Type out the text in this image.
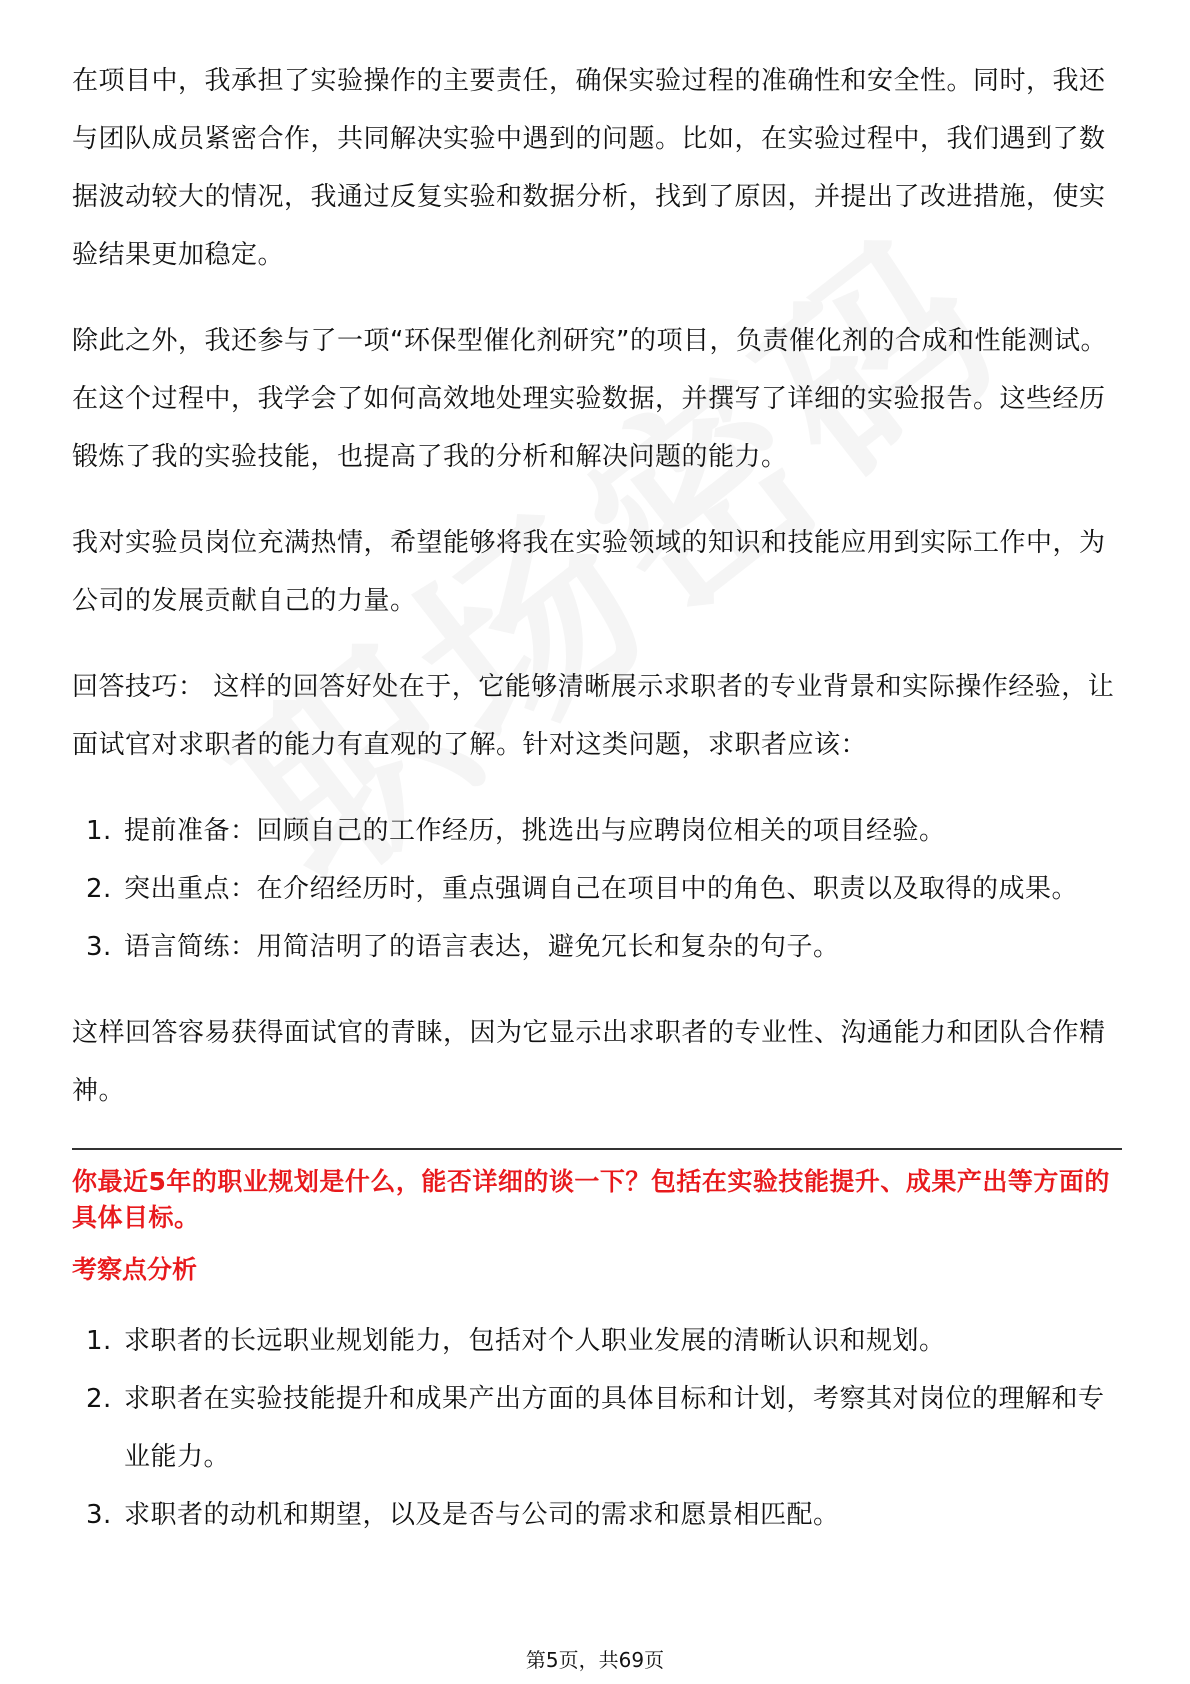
在项目中，我承担了实验操作的主要责任，确保实验过程的准确性和安全性。同时，我还与团队成员紧密合作，共同解决实验中遇到的问题。比如，在实验过程中，我们遇到了数据波动较大的情况，我通过反复实验和数据分析，找到了原因，并提出了改进措施，使实验结果更加稳定。

除此之外，我还参与了一项“环保型催化剂研究”的项目，负责催化剂的合成和性能测试。在这个过程中，我学会了如何高效地处理实验数据，并撰写了详细的实验报告。这些经历锻炼了我的实验技能，也提高了我的分析和解决问题的能力。

我对实验员岗位充满热情，希望能够将我在实验领域的知识和技能应用到实际工作中，为公司的发展贡献自己的力量。

回答技巧： 这样的回答好处在于，它能够清晰展示求职者的专业背景和实际操作经验，让面试官对求职者的能力有直观的了解。针对这类问题，求职者应该：

1. 提前准备：回顾自己的工作经历，挑选出与应聘岗位相关的项目经验。
2. 突出重点：在介绍经历时，重点强调自己在项目中的角色、职责以及取得的成果。
3. 语言简练：用简洁明了的语言表达，避免冗长和复杂的句子。

这样回答容易获得面试官的青睐，因为它显示出求职者的专业性、沟通能力和团队合作精神。

你最近5年的职业规划是什么，能否详细的谈一下？包括在实验技能提升、成果产出等方面的具体目标。
考察点分析
1. 求职者的长远职业规划能力，包括对个人职业发展的清晰认识和规划。
2. 求职者在实验技能提升和成果产出方面的具体目标和计划，考察其对岗位的理解和专业能力。
3. 求职者的动机和期望，以及是否与公司的需求和愿景相匹配。
第5页，共69页
